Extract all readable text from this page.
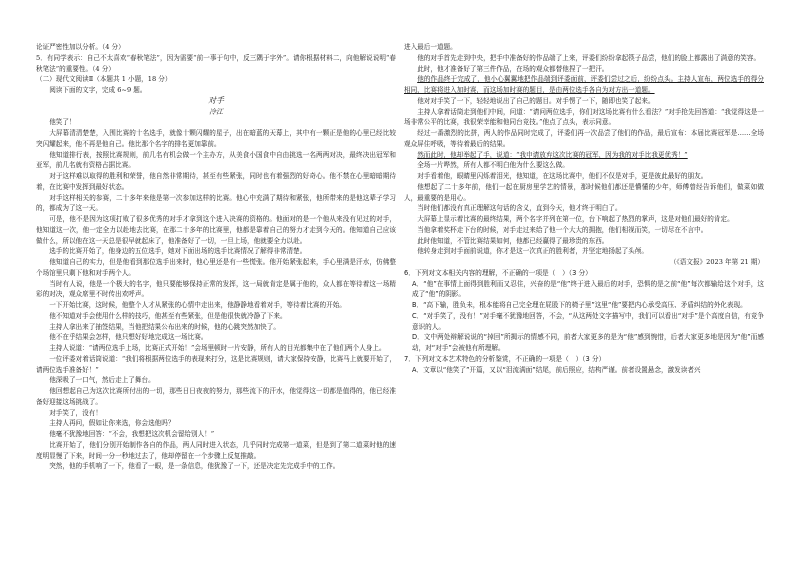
论证严密性加以分析。（4 分）

5．有同学表示：自己不太喜欢“春秋笔法”，因为需要“前一事于句中，反三隅于字外”。请你根据材料二，向他解说说明“春秋笔法”的重要性。（4 分）

（二）现代文阅读Ⅱ（本题共 1 小题，18 分）

阅读下面的文字，完成 6~9 题。

对手

冷江

他笑了！

大屏幕清清楚楚，入围比赛的十名选手，就像十颗闪耀的星子，出在暗蓝的天幕上，其中有一颗正是他的心里已经比较突闪耀起来，他不再是他自己。他比那个名字的排名更加靠前。

他知道排行表，按照比赛规则，前几名有机会做一个主办方，从美食小国食中自由挑选一名两两对决，最终决出冠军和亚军，前几名就有资格占据比赛。

对于这样难以取得的胜利和荣誉，他自然非常期待，甚至有些紧张，同时也有着强烈的好奇心。他不禁在心里暗暗期待着，在比赛中发挥到最好状态。

对手这样相关的参赛，二十多年来他是第一次参加这样的比赛。他心中充满了期待和紧张，他所带来的是他这辈子学习的，都成为了这一天。

可是，他不是因为这项打败了很多优秀的对手才拿到这个进入决赛的资格的。他面对的是一个他从来没有见过的对手，他知道这一次，他一定全力以赴地去比赛，在那二十多年的比赛里，他都是靠着自己的努力才走到今天的。他知道自己应该做什么，所以他在这一天总是很早就起床了，他准备好了一切，一旦上场，他就要全力以赴。

选手的比赛开始了，他身边的五位选手，她对下面出场的选手比赛情况了解得非常清楚。

他知道自己的实力，但是他看到那位选手出来时，他心里还是有一些慌张。他开始紧张起来，手心里满是汗水，仿佛整个场馆里只剩下他和对手两个人。

当时有人说，他是一个极大的名字，他只要能够保持正常的发挥，这一局就肯定是属于他的，众人都在等待着这一场精彩的对决，观众席里不时传出欢呼声。

一下开始比赛，这时候，他整个人才从紧张的心情中走出来，他静静地看着对手，等待着比赛的开始。

他不知道对手会使用什么样的技巧，他甚至有些紧张，但是他很快就冷静了下来。

主持人拿出来了抽签结果，当他把结果公布出来的时候，他的心跳突然加快了。

他不在乎结果会怎样，他只想好好地完成这一场比赛。

主持人说道：“请两位选手上场，比赛正式开始！”会场里顿时一片安静，所有人的目光都集中在了他们两个人身上。

一位评委对着话筒说道：“我们将根据两位选手的表现来打分，这是比赛规则，请大家保持安静，比赛马上就要开始了，请两位选手准备好！”

他深吸了一口气，然后走上了舞台。

他回想起自己为这次比赛所付出的一切，那些日日夜夜的努力，那些流下的汗水，他觉得这一切都是值得的，他已经准备好迎接这场挑战了。

对手笑了，没有！

主持人再问，假如让你来选，你会选他吗？

他毫不犹豫地回答：“不会，我想把这次机会留给别人！”

比赛开始了，他们分别开始制作各自的作品，两人同时进入状态，几乎同时完成第一道菜，但是到了第二道菜时他的速度明显慢了下来，时间一分一秒地过去了，他却停留在一个步骤上反复推敲。

突然，他的手机响了一下，他看了一眼，是一条信息，他犹豫了一下，还是决定先完成手中的工作。

进入最后一道题。

他的对手首先走到中央，把手中准备好的作品端了上来，评委们纷纷拿起筷子品尝，他们的脸上都露出了满意的笑容。

此时，他才准备好了第三件作品，在场的观众都替他捏了一把汗。

他的作品终于完成了，他小心翼翼地把作品端到评委面前，评委们尝过之后，纷纷点头。主持人宣布，两位选手的得分相同，比赛将进入加时赛，而这场加时赛的题目，是由两位选手各自为对方出一道题。

他对对手笑了一下，轻轻地说出了自己的题目。对手愣了一下，随即也笑了起来。

主持人拿着话筒走到他们中间，问道：“请问两位选手，你们对这场比赛有什么看法？”对手抢先回答道：“我觉得这是一场非常公平的比赛，我很荣幸能和他同台竞技。”他点了点头，表示同意。

经过一番激烈的比拼，两人的作品同时完成了，评委们再一次品尝了他们的作品，最后宣布：本届比赛冠军是……全场观众屏住呼吸，等待着最后的结果。

然而此时，他却举起了手，说道：“我申请放弃这次比赛的冠军，因为我的对手比我更优秀！”

全场一片哗然，所有人都不明白他为什么要这么做。

对手看着他，眼睛里闪烁着泪光，他知道，在这场比赛中，他们不仅是对手，更是彼此最好的朋友。

他想起了二十多年前，他们一起在厨房里学艺的情景，那时候他们都还是懵懂的少年，师傅曾经告诉他们，做菜如做人，最重要的是用心。

当时他们都没有真正理解这句话的含义，直到今天，他才终于明白了。

大屏幕上显示着比赛的最终结果，两个名字并列在第一位，台下响起了热烈的掌声，这是对他们最好的肯定。

当他拿着奖杯走下台的时候，对手走过来给了他一个大大的拥抱，他们相视而笑，一切尽在不言中。

此时他知道，不管比赛结果如何，他都已经赢得了最珍贵的东西。

他转身走到对手面前说道，你才是这一次真正的胜利者，并坚定地扬起了头颅。

（《语文报》2023 年第 21 期）

6．下列对文本相关内容的理解，不正确的一项是（　）（3 分）

A．“他”在事情上面得到胜利而又忍住，兴奋的是“他”终于进入最后的对手，恐惧的是之前“他”每次都输给这个对手，这成了“他”的阴影。

B．“高下输，胜负未，根本能将自己完全理在屁股下的椅子里”这里“他”要把内心承受高压、矛盾纠结的外化表现。

C．“对手笑了，没有！”对手毫不犹豫地回答，不会，“从这两处文字描写中，我们可以看出“对手”是个高度自信，有竞争意识的人。

D．文中两处辩解说说的“掉回”所揭示的情感不同，前者大家更多的是为“他”感到惋惜，后者大家更多地是因为“他”而感动，对“对手”会被他有所理解。

7．下列对文本艺术特色的分析鉴赏，不正确的一项是（　）（3 分）

A．文章以“他笑了”开篇，又以“泪流满面”结尾，前后照应，结构严谨。前者设置悬念，激发读者兴
